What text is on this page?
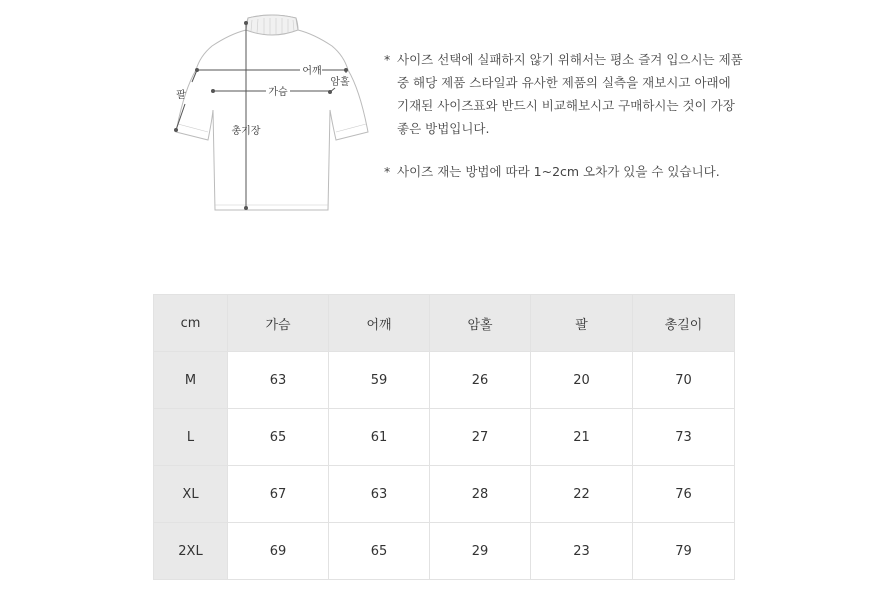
어깨
암홀
가슴
팔
총기장
* 사이즈 선택에 실패하지 않기 위해서는 평소 즐겨 입으시는 제품 중 해당 제품 스타일과 유사한 제품의 실측을 재보시고 아래에 기재된 사이즈표와 반드시 비교해보시고 구매하시는 것이 가장 좋은 방법입니다.
* 사이즈 재는 방법에 따라 1~2cm 오차가 있을 수 있습니다.
cm	가슴	어깨	암홀	팔	총길이
M	63	59	26	20	70
L	65	61	27	21	73
XL	67	63	28	22	76
2XL	69	65	29	23	79
